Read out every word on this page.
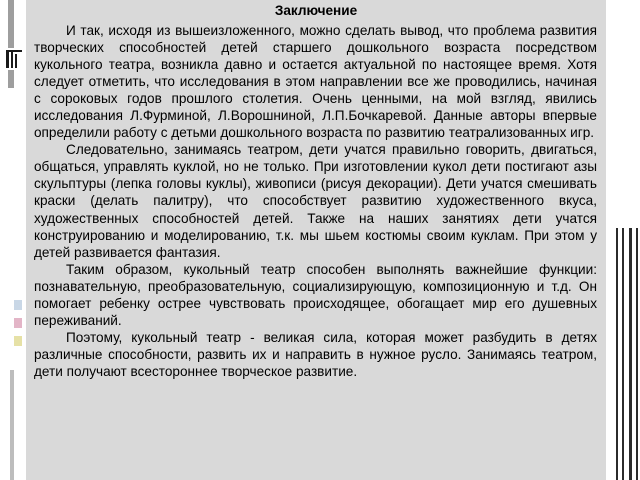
Заключение

И так, исходя из вышеизложенного, можно сделать вывод, что проблема развития творческих способностей детей старшего дошкольного возраста посредством кукольного театра, возникла давно и остается актуальной по настоящее время. Хотя следует отметить, что исследования в этом направлении все же проводились, начиная с сороковых годов прошлого столетия. Очень ценными, на мой взгляд, явились исследования Л.Фурминой, Л.Ворошниной, Л.П.Бочкаревой. Данные авторы впервые определили работу с детьми дошкольного возраста по развитию театрализованных игр.

Следовательно, занимаясь театром, дети учатся правильно говорить, двигаться, общаться, управлять куклой, но не только. При изготовлении кукол дети постигают азы скульптуры (лепка головы куклы), живописи (рисуя декорации). Дети учатся смешивать краски (делать палитру), что способствует развитию художественного вкуса, художественных способностей детей. Также на наших занятиях дети учатся конструированию и моделированию, т.к. мы шьем костюмы своим куклам. При этом у детей развивается фантазия.

Таким образом, кукольный театр способен выполнять важнейшие функции: познавательную, преобразовательную, социализирующую, композиционную и т.д. Он помогает ребенку острее чувствовать происходящее, обогащает мир его душевных переживаний.

Поэтому, кукольный театр - великая сила, которая может разбудить в детях различные способности, развить их и направить в нужное русло. Занимаясь театром, дети получают всестороннее творческое развитие.
